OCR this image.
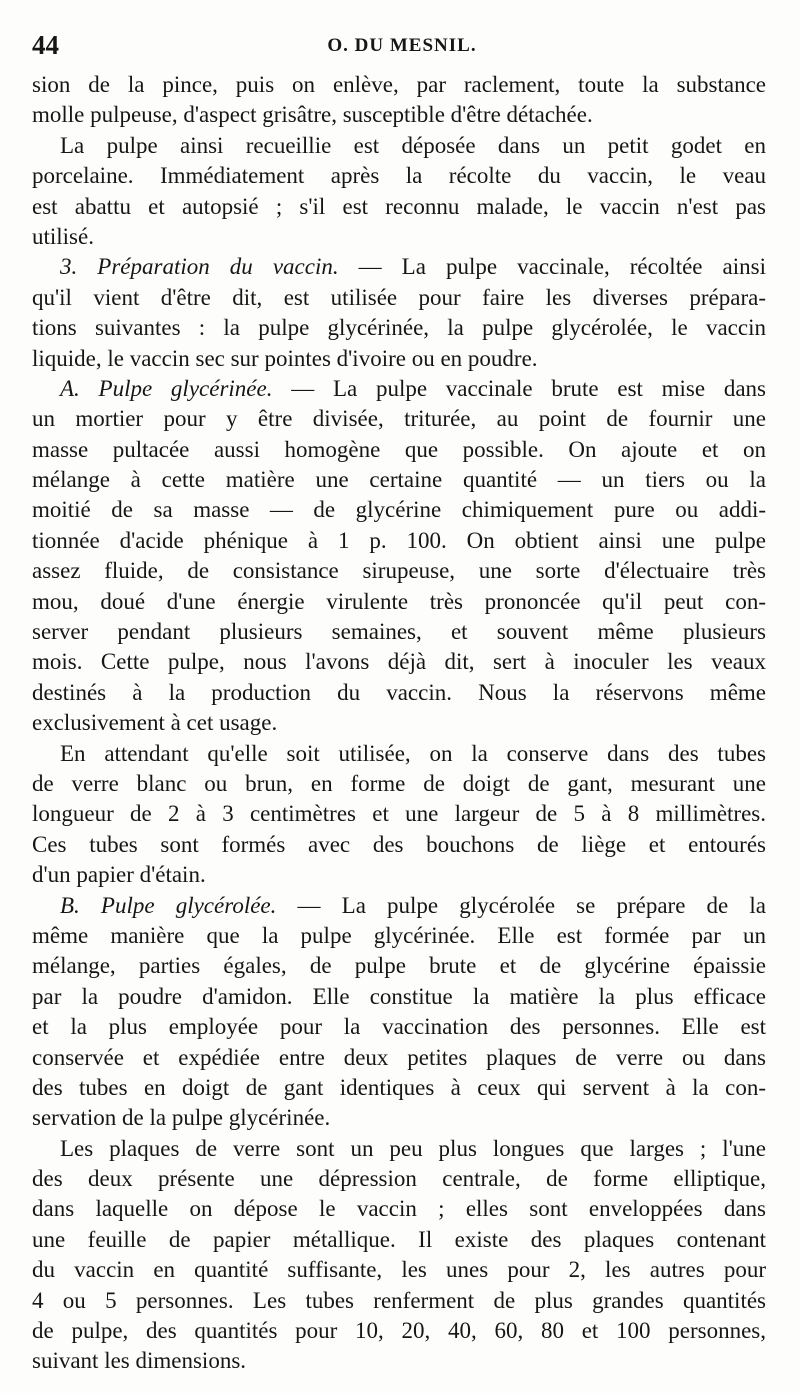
44	O. DU MESNIL.
sion de la pince, puis on enlève, par raclement, toute la substance
molle pulpeuse, d'aspect grisâtre, susceptible d'être détachée.
La pulpe ainsi recueillie est déposée dans un petit godet en
porcelaine. Immédiatement après la récolte du vaccin, le veau
est abattu et autopsié ; s'il est reconnu malade, le vaccin n'est pas
utilisé.
3. Préparation du vaccin. — La pulpe vaccinale, récoltée ainsi
qu'il vient d'être dit, est utilisée pour faire les diverses prépara-
tions suivantes : la pulpe glycérinée, la pulpe glycérolée, le vaccin
liquide, le vaccin sec sur pointes d'ivoire ou en poudre.
A. Pulpe glycérinée. — La pulpe vaccinale brute est mise dans
un mortier pour y être divisée, triturée, au point de fournir une
masse pultacée aussi homogène que possible. On ajoute et on
mélange à cette matière une certaine quantité — un tiers ou la
moitié de sa masse — de glycérine chimiquement pure ou addi-
tionnée d'acide phénique à 1 p. 100. On obtient ainsi une pulpe
assez fluide, de consistance sirupeuse, une sorte d'électuaire très
mou, doué d'une énergie virulente très prononcée qu'il peut con-
server pendant plusieurs semaines, et souvent même plusieurs
mois. Cette pulpe, nous l'avons déjà dit, sert à inoculer les veaux
destinés à la production du vaccin. Nous la réservons même
exclusivement à cet usage.
En attendant qu'elle soit utilisée, on la conserve dans des tubes
de verre blanc ou brun, en forme de doigt de gant, mesurant une
longueur de 2 à 3 centimètres et une largeur de 5 à 8 millimètres.
Ces tubes sont formés avec des bouchons de liège et entourés
d'un papier d'étain.
B. Pulpe glycérolée. — La pulpe glycérolée se prépare de la
même manière que la pulpe glycérinée. Elle est formée par un
mélange, parties égales, de pulpe brute et de glycérine épaissie
par la poudre d'amidon. Elle constitue la matière la plus efficace
et la plus employée pour la vaccination des personnes. Elle est
conservée et expédiée entre deux petites plaques de verre ou dans
des tubes en doigt de gant identiques à ceux qui servent à la con-
servation de la pulpe glycérinée.
Les plaques de verre sont un peu plus longues que larges ; l'une
des deux présente une dépression centrale, de forme elliptique,
dans laquelle on dépose le vaccin ; elles sont enveloppées dans
une feuille de papier métallique. Il existe des plaques contenant
du vaccin en quantité suffisante, les unes pour 2, les autres pour
4 ou 5 personnes. Les tubes renferment de plus grandes quantités
de pulpe, des quantités pour 10, 20, 40, 60, 80 et 100 personnes,
suivant les dimensions.
